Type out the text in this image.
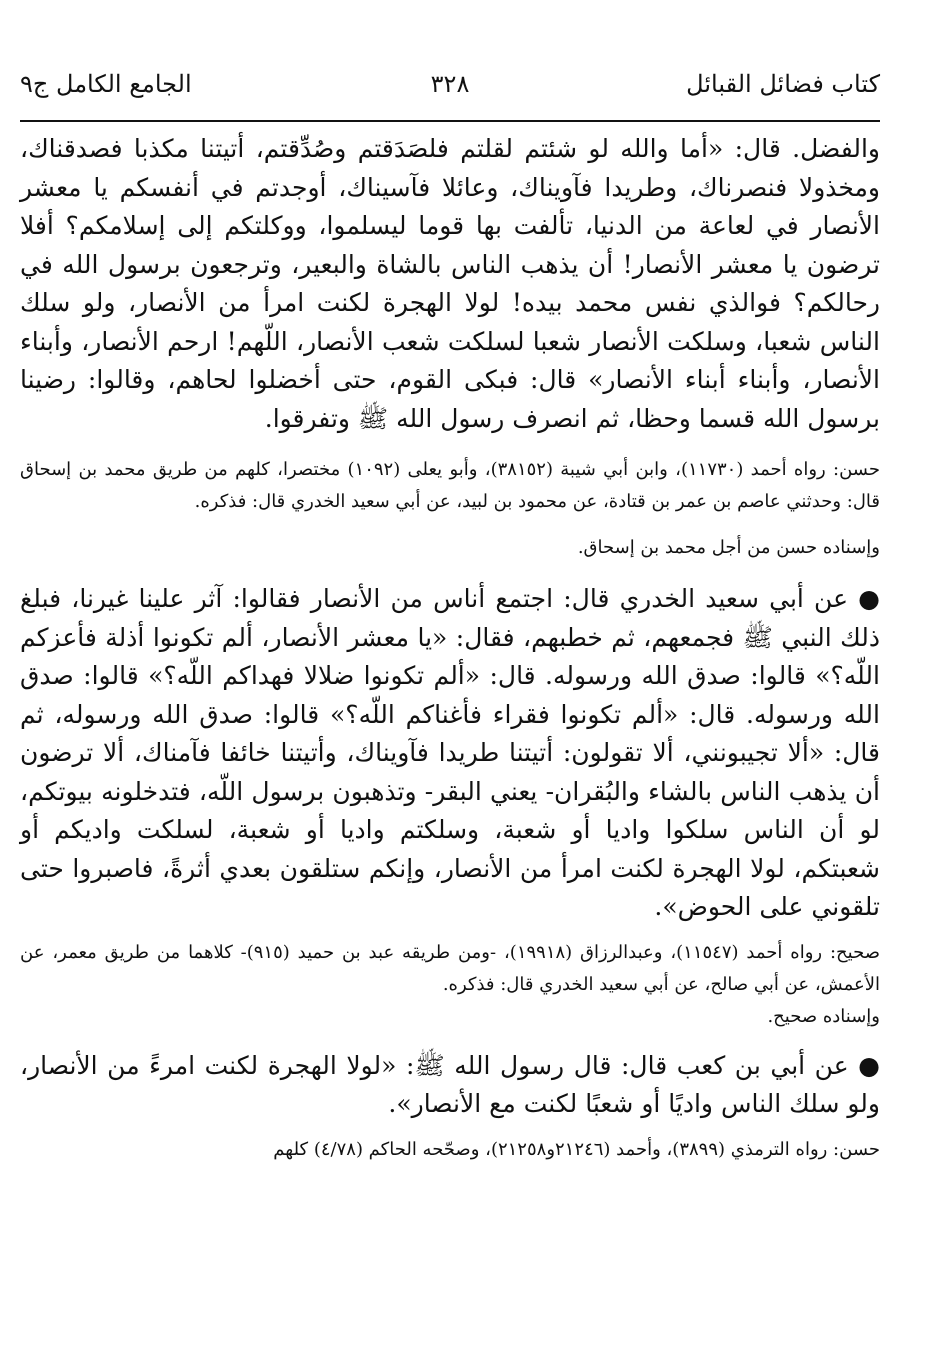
كتاب فضائل القبائل
٣٢٨
الجامع الكامل ج٩

والفضل. قال: «أما والله لو شئتم لقلتم فلصَدَقتم وصُدِّقتم، أتيتنا مكذبا فصدقناك، ومخذولا فنصرناك، وطريدا فآويناك، وعائلا فآسيناك، أوجدتم في أنفسكم يا معشر الأنصار في لعاعة من الدنيا، تألفت بها قوما ليسلموا، ووكلتكم إلى إسلامكم؟ أفلا ترضون يا معشر الأنصار! أن يذهب الناس بالشاة والبعير، وترجعون برسول الله في رحالكم؟ فوالذي نفس محمد بيده! لولا الهجرة لكنت امرأ من الأنصار، ولو سلك الناس شعبا، وسلكت الأنصار شعبا لسلكت شعب الأنصار، اللّهم! ارحم الأنصار، وأبناء الأنصار، وأبناء أبناء الأنصار» قال: فبكى القوم، حتى أخضلوا لحاهم، وقالوا: رضينا برسول الله قسما وحظا، ثم انصرف رسول الله ﷺ وتفرقوا.

حسن: رواه أحمد (١١٧٣٠)، وابن أبي شيبة (٣٨١٥٢)، وأبو يعلى (١٠٩٢) مختصرا، كلهم من طريق محمد بن إسحاق قال: وحدثني عاصم بن عمر بن قتادة، عن محمود بن لبيد، عن أبي سعيد الخدري قال: فذكره.

وإسناده حسن من أجل محمد بن إسحاق.

● عن أبي سعيد الخدري قال: اجتمع أناس من الأنصار فقالوا: آثر علينا غيرنا، فبلغ ذلك النبي ﷺ فجمعهم، ثم خطبهم، فقال: «يا معشر الأنصار، ألم تكونوا أذلة فأعزكم اللّه؟» قالوا: صدق الله ورسوله. قال: «ألم تكونوا ضلالا فهداكم اللّه؟» قالوا: صدق الله ورسوله. قال: «ألم تكونوا فقراء فأغناكم اللّه؟» قالوا: صدق الله ورسوله، ثم قال: «ألا تجيبونني، ألا تقولون: أتيتنا طريدا فآويناك، وأتيتنا خائفا فآمناك، ألا ترضون أن يذهب الناس بالشاء والبُقران- يعني البقر- وتذهبون برسول اللّه، فتدخلونه بيوتكم، لو أن الناس سلكوا واديا أو شعبة، وسلكتم واديا أو شعبة، لسلكت واديكم أو شعبتكم، لولا الهجرة لكنت امرأ من الأنصار، وإنكم ستلقون بعدي أثرةً، فاصبروا حتى تلقوني على الحوض».

صحيح: رواه أحمد (١١٥٤٧)، وعبدالرزاق (١٩٩١٨)، -ومن طريقه عبد بن حميد (٩١٥)- كلاهما من طريق معمر، عن الأعمش، عن أبي صالح، عن أبي سعيد الخدري قال: فذكره.

وإسناده صحيح.

● عن أبي بن كعب قال: قال رسول الله ﷺ: «لولا الهجرة لكنت امرءً من الأنصار، ولو سلك الناس واديًا أو شعبًا لكنت مع الأنصار».

حسن: رواه الترمذي (٣٨٩٩)، وأحمد (٢١٢٤٦و٢١٢٥٨)، وصحّحه الحاكم (٤/٧٨) كلهم
